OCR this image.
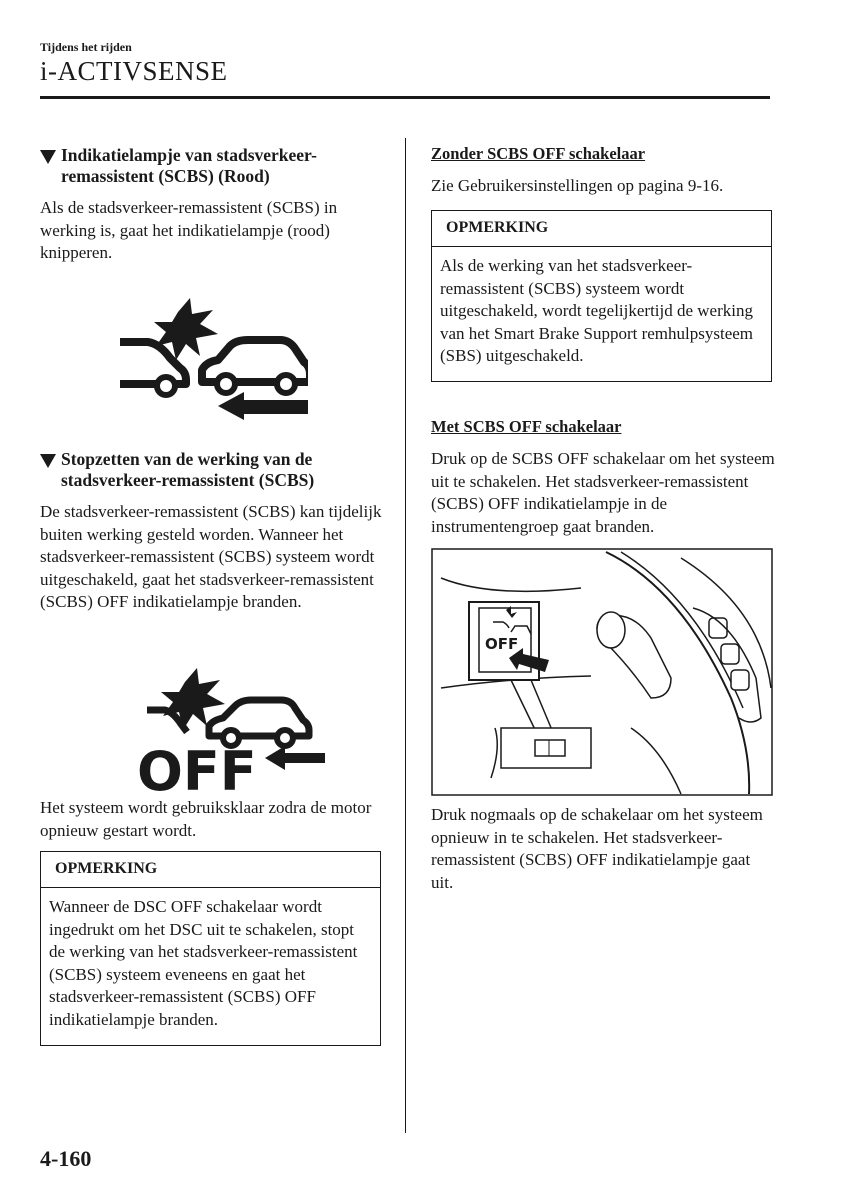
Tijdens het rijden
i-ACTIVSENSE
Indikatielampje van stadsverkeer-remassistent (SCBS) (Rood)
Als de stadsverkeer-remassistent (SCBS) in werking is, gaat het indikatielampje (rood) knipperen.
Stopzetten van de werking van de stadsverkeer-remassistent (SCBS)
De stadsverkeer-remassistent (SCBS) kan tijdelijk buiten werking gesteld worden. Wanneer het stadsverkeer-remassistent (SCBS) systeem wordt uitgeschakeld, gaat het stadsverkeer-remassistent (SCBS) OFF indikatielampje branden.
OFF
Het systeem wordt gebruiksklaar zodra de motor opnieuw gestart wordt.
OPMERKING
Wanneer de DSC OFF schakelaar wordt ingedrukt om het DSC uit te schakelen, stopt de werking van het stadsverkeer-remassistent (SCBS) systeem eveneens en gaat het stadsverkeer-remassistent (SCBS) OFF indikatielampje branden.
Zonder SCBS OFF schakelaar
Zie Gebruikersinstellingen op pagina 9-16.
OPMERKING
Als de werking van het stadsverkeer-remassistent (SCBS) systeem wordt uitgeschakeld, wordt tegelijkertijd de werking van het Smart Brake Support remhulpsysteem (SBS) uitgeschakeld.
Met SCBS OFF schakelaar
Druk op de SCBS OFF schakelaar om het systeem uit te schakelen. Het stadsverkeer-remassistent (SCBS) OFF indikatielampje in de instrumentengroep gaat branden.
OFF
Druk nogmaals op de schakelaar om het systeem opnieuw in te schakelen. Het stadsverkeer-remassistent (SCBS) OFF indikatielampje gaat uit.
4-160
